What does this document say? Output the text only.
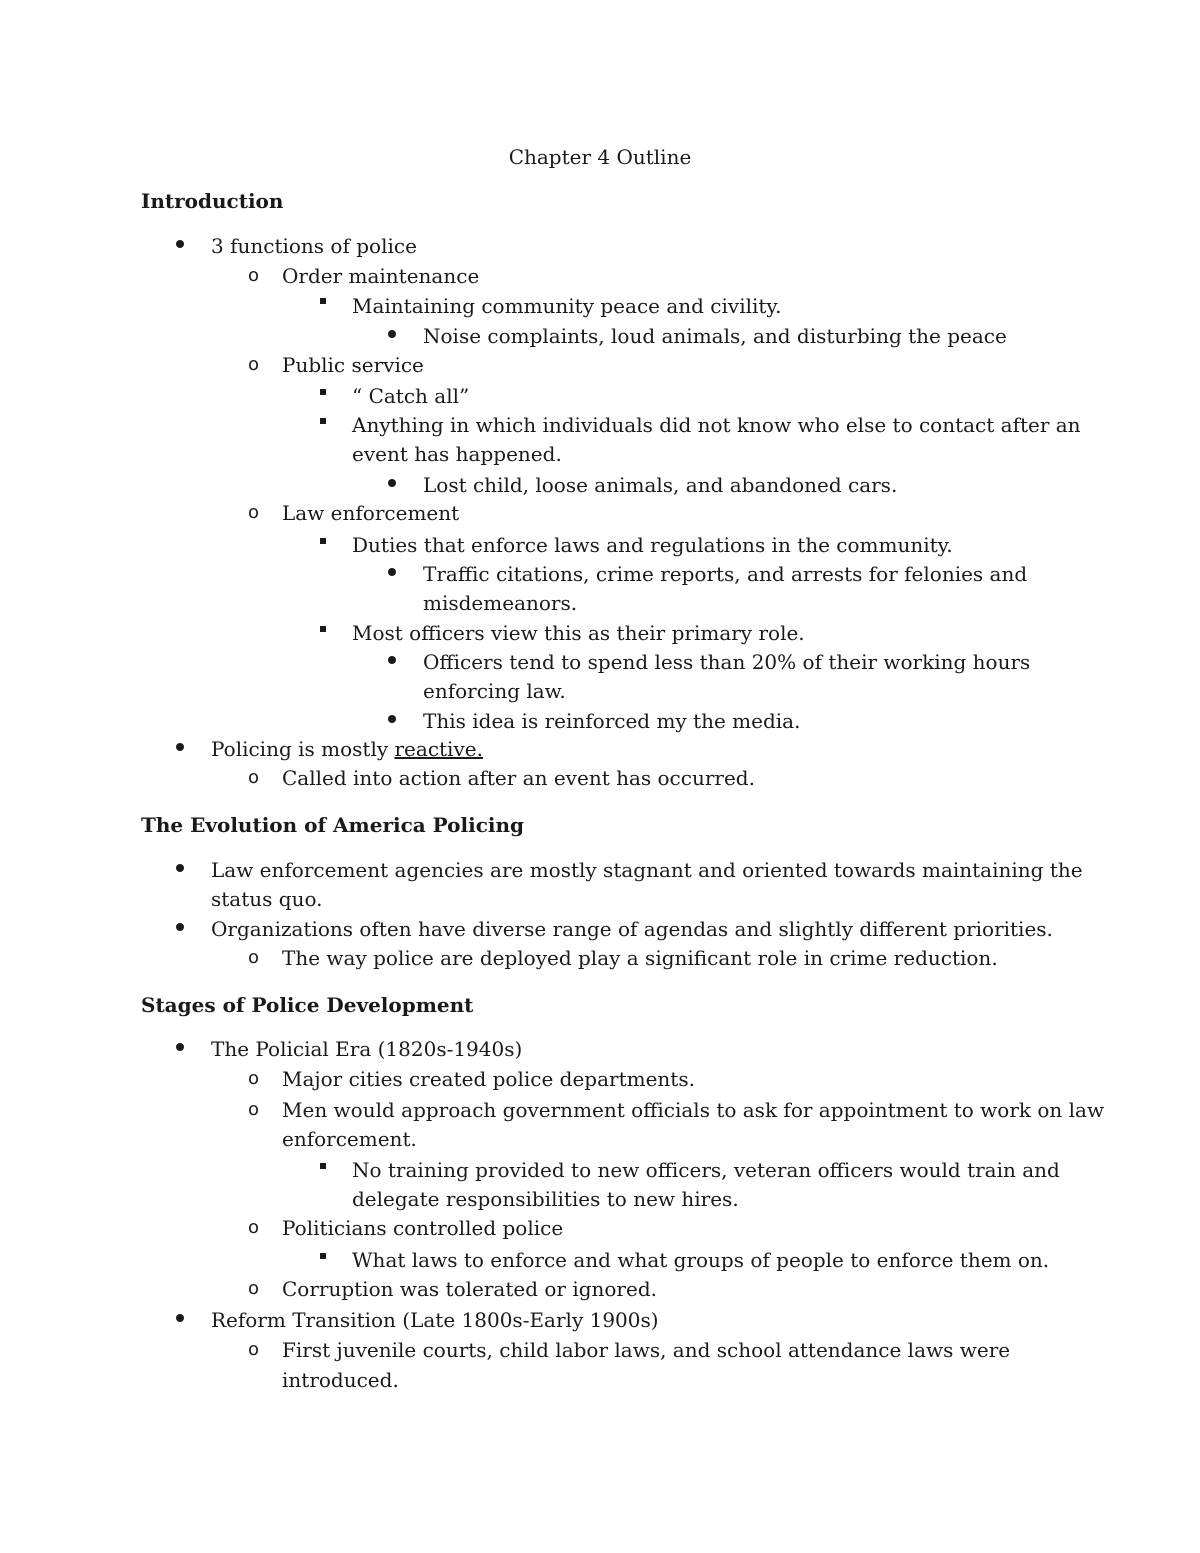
Chapter 4 Outline
Introduction
3 functions of police
o Order maintenance
Maintaining community peace and civility.
Noise complaints, loud animals, and disturbing the peace
o Public service
“ Catch all”
Anything in which individuals did not know who else to contact after an
event has happened.
Lost child, loose animals, and abandoned cars.
o Law enforcement
Duties that enforce laws and regulations in the community.
Traffic citations, crime reports, and arrests for felonies and
misdemeanors.
Most officers view this as their primary role.
Officers tend to spend less than 20% of their working hours
enforcing law.
This idea is reinforced my the media.
Policing is mostly reactive.
o Called into action after an event has occurred.
The Evolution of America Policing
Law enforcement agencies are mostly stagnant and oriented towards maintaining the
status quo.
Organizations often have diverse range of agendas and slightly different priorities.
o The way police are deployed play a significant role in crime reduction.
Stages of Police Development
The Policial Era (1820s-1940s)
o Major cities created police departments.
o Men would approach government officials to ask for appointment to work on law
enforcement.
No training provided to new officers, veteran officers would train and
delegate responsibilities to new hires.
o Politicians controlled police
What laws to enforce and what groups of people to enforce them on.
o Corruption was tolerated or ignored.
Reform Transition (Late 1800s-Early 1900s)
o First juvenile courts, child labor laws, and school attendance laws were
introduced.
